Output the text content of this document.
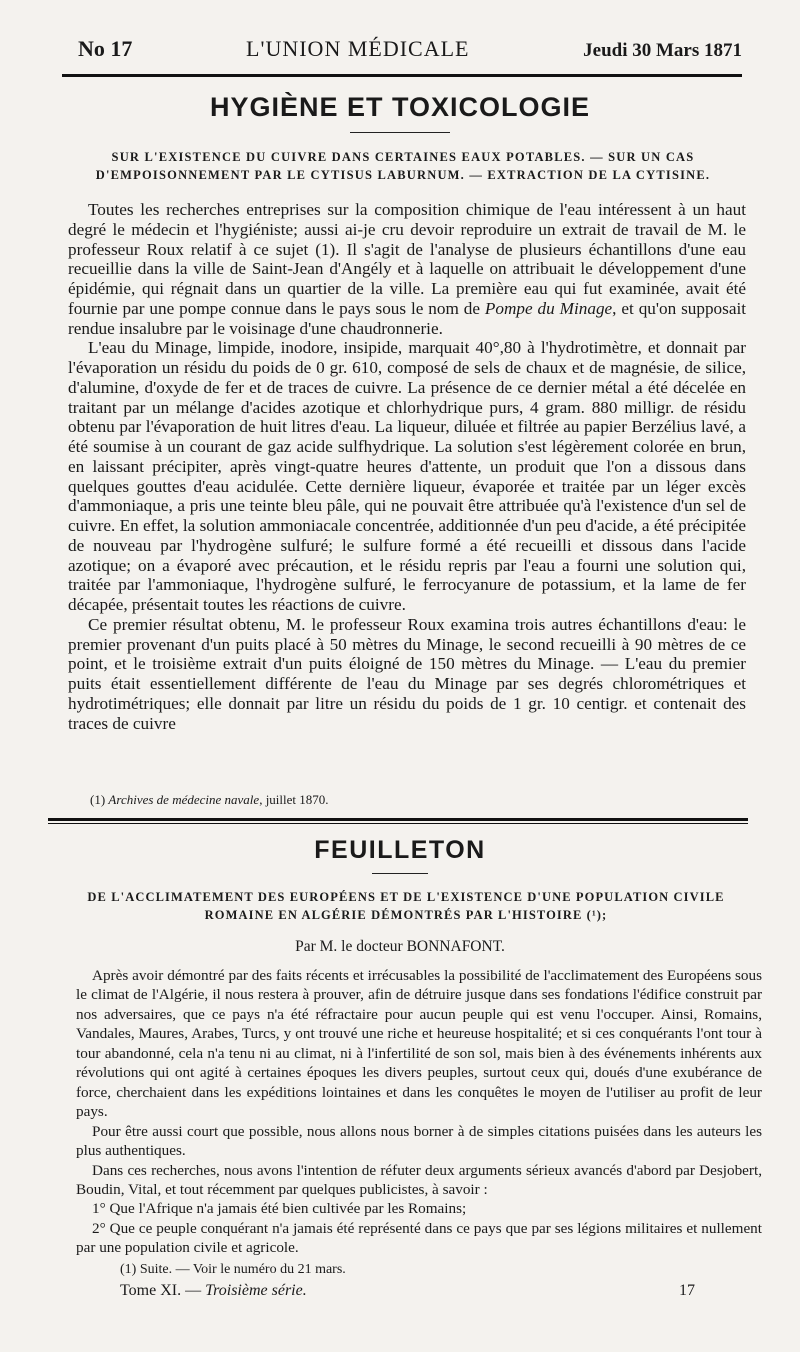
No 17	L'UNION MÉDICALE	Jeudi 30 Mars 1871
HYGIÈNE ET TOXICOLOGIE
SUR L'EXISTENCE DU CUIVRE DANS CERTAINES EAUX POTABLES. — SUR UN CAS
D'EMPOISONNEMENT PAR LE CYTISUS LABURNUM. — EXTRACTION DE LA CYTISINE.

Toutes les recherches entreprises sur la composition chimique de l'eau intéressent à un haut degré le médecin et l'hygiéniste; aussi ai-je cru devoir reproduire un extrait de travail de M. le professeur Roux relatif à ce sujet (1). Il s'agit de l'analyse de plusieurs échantillons d'une eau recueillie dans la ville de Saint-Jean d'Angély et à laquelle on attribuait le développement d'une épidémie, qui régnait dans un quartier de la ville. La première eau qui fut examinée, avait été fournie par une pompe connue dans le pays sous le nom de Pompe du Minage, et qu'on supposait rendue insalubre par le voisinage d'une chaudronnerie.

L'eau du Minage, limpide, inodore, insipide, marquait 40°,80 à l'hydrotimètre, et donnait par l'évaporation un résidu du poids de 0 gr. 610, composé de sels de chaux et de magnésie, de silice, d'alumine, d'oxyde de fer et de traces de cuivre. La présence de ce dernier métal a été décelée en traitant par un mélange d'acides azotique et chlorhydrique purs, 4 gram. 880 milligr. de résidu obtenu par l'évaporation de huit litres d'eau. La liqueur, diluée et filtrée au papier Berzélius lavé, a été soumise à un courant de gaz acide sulfhydrique. La solution s'est légèrement colorée en brun, en laissant précipiter, après vingt-quatre heures d'attente, un produit que l'on a dissous dans quelques gouttes d'eau acidulée. Cette dernière liqueur, évaporée et traitée par un léger excès d'ammoniaque, a pris une teinte bleu pâle, qui ne pouvait être attribuée qu'à l'existence d'un sel de cuivre. En effet, la solution ammoniacale concentrée, additionnée d'un peu d'acide, a été précipitée de nouveau par l'hydrogène sulfuré; le sulfure formé a été recueilli et dissous dans l'acide azotique; on a évaporé avec précaution, et le résidu repris par l'eau a fourni une solution qui, traitée par l'ammoniaque, l'hydrogène sulfuré, le ferrocyanure de potassium, et la lame de fer décapée, présentait toutes les réactions de cuivre.

Ce premier résultat obtenu, M. le professeur Roux examina trois autres échantillons d'eau: le premier provenant d'un puits placé à 50 mètres du Minage, le second recueilli à 90 mètres de ce point, et le troisième extrait d'un puits éloigné de 150 mètres du Minage. — L'eau du premier puits était essentiellement différente de l'eau du Minage par ses degrés chlorométriques et hydrotimétriques; elle donnait par litre un résidu du poids de 1 gr. 10 centigr. et contenait des traces de cuivre

(1) Archives de médecine navale, juillet 1870.
FEUILLETON
DE L'ACCLIMATEMENT DES EUROPÉENS ET DE L'EXISTENCE D'UNE POPULATION CIVILE
ROMAINE EN ALGÉRIE DÉMONTRÉS PAR L'HISTOIRE (¹);
Par M. le docteur BONNAFONT.

Après avoir démontré par des faits récents et irrécusables la possibilité de l'acclimatement des Européens sous le climat de l'Algérie, il nous restera à prouver, afin de détruire jusque dans ses fondations l'édifice construit par nos adversaires, que ce pays n'a été réfractaire pour aucun peuple qui est venu l'occuper. Ainsi, Romains, Vandales, Maures, Arabes, Turcs, y ont trouvé une riche et heureuse hospitalité; et si ces conquérants l'ont tour à tour abandonné, cela n'a tenu ni au climat, ni à l'infertilité de son sol, mais bien à des événements inhérents aux révolutions qui ont agité à certaines époques les divers peuples, surtout ceux qui, doués d'une exubérance de force, cherchaient dans les expéditions lointaines et dans les conquêtes le moyen de l'utiliser au profit de leur pays.

Pour être aussi court que possible, nous allons nous borner à de simples citations puisées dans les auteurs les plus authentiques.

Dans ces recherches, nous avons l'intention de réfuter deux arguments sérieux avancés d'abord par Desjobert, Boudin, Vital, et tout récemment par quelques publicistes, à savoir :

1° Que l'Afrique n'a jamais été bien cultivée par les Romains;

2° Que ce peuple conquérant n'a jamais été représenté dans ce pays que par ses légions militaires et nullement par une population civile et agricole.

(1) Suite. — Voir le numéro du 21 mars.
Tome XI. — Troisième série.	17
